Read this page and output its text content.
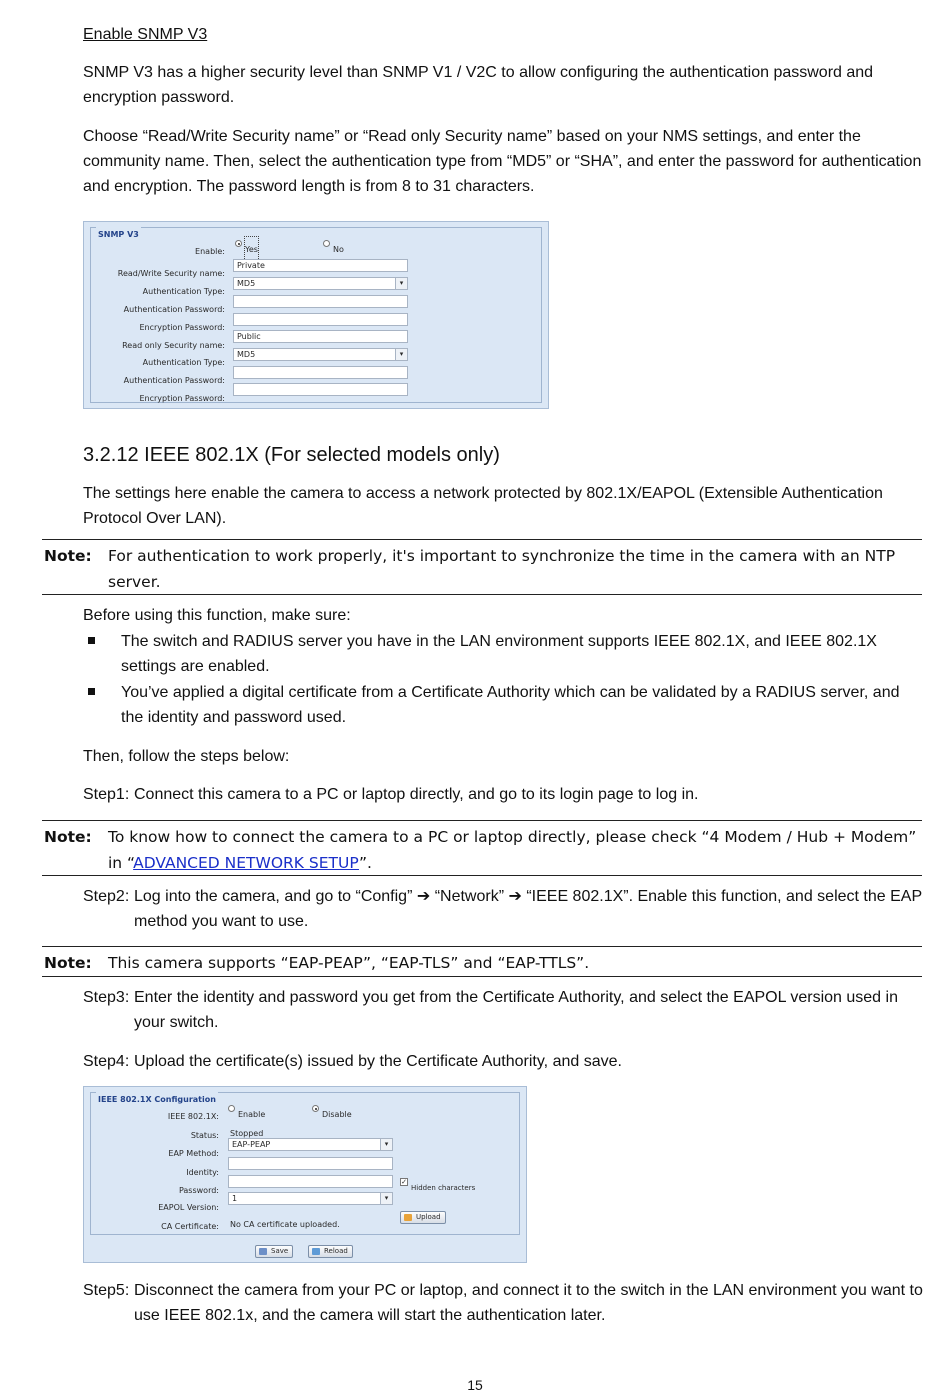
Enable SNMP V3

SNMP V3 has a higher security level than SNMP V1 / V2C to allow configuring the authentication password and encryption password.

Choose “Read/Write Security name” or “Read only Security name” based on your NMS settings, and enter the community name. Then, select the authentication type from “MD5” or “SHA”, and enter the password for authentication and encryption. The password length is from 8 to 31 characters.

SNMP V3
Enable:	Yes	No
Read/Write Security name:
Private
Authentication Type:
MD5	▾
Authentication Password:
Encryption Password:
Read only Security name:
Public
Authentication Type:
MD5	▾
Authentication Password:
Encryption Password:

3.2.12 IEEE 802.1X (For selected models only)

The settings here enable the camera to access a network protected by 802.1X/EAPOL (Extensible Authentication Protocol Over LAN).

Note: For authentication to work properly, it's important to synchronize the time in the camera with an NTP server.

Before using this function, make sure:

The switch and RADIUS server you have in the LAN environment supports IEEE 802.1X, and IEEE 802.1X settings are enabled.

You’ve applied a digital certificate from a Certificate Authority which can be validated by a RADIUS server, and the identity and password used.

Then, follow the steps below:

Step1: Connect this camera to a PC or laptop directly, and go to its login page to log in.

Note: To know how to connect the camera to a PC or laptop directly, please check “4 Modem / Hub + Modem” in “ADVANCED NETWORK SETUP”.
Step2: Log into the camera, and go to “Config” ➔ “Network” ➔ “IEEE 802.1X”. Enable this function, and select the EAP method you want to use.

Note: This camera supports “EAP-PEAP”, “EAP-TLS” and “EAP-TTLS”.
Step3: Enter the identity and password you get from the Certificate Authority, and select the EAPOL version used in your switch.

Step4: Upload the certificate(s) issued by the Certificate Authority, and save.

IEEE 802.1X Configuration
IEEE 802.1X: Enable	Disable
Status: Stopped
EAP Method:
EAP-PEAP	▾
Identity:
Password:
✓
Hidden characters
EAPOL Version:
1	▾
CA Certificate: No CA certificate uploaded.
Upload
Save	Reload
Step5: Disconnect the camera from your PC or laptop, and connect it to the switch in the LAN environment you want to use IEEE 802.1x, and the camera will start the authentication later.

15
